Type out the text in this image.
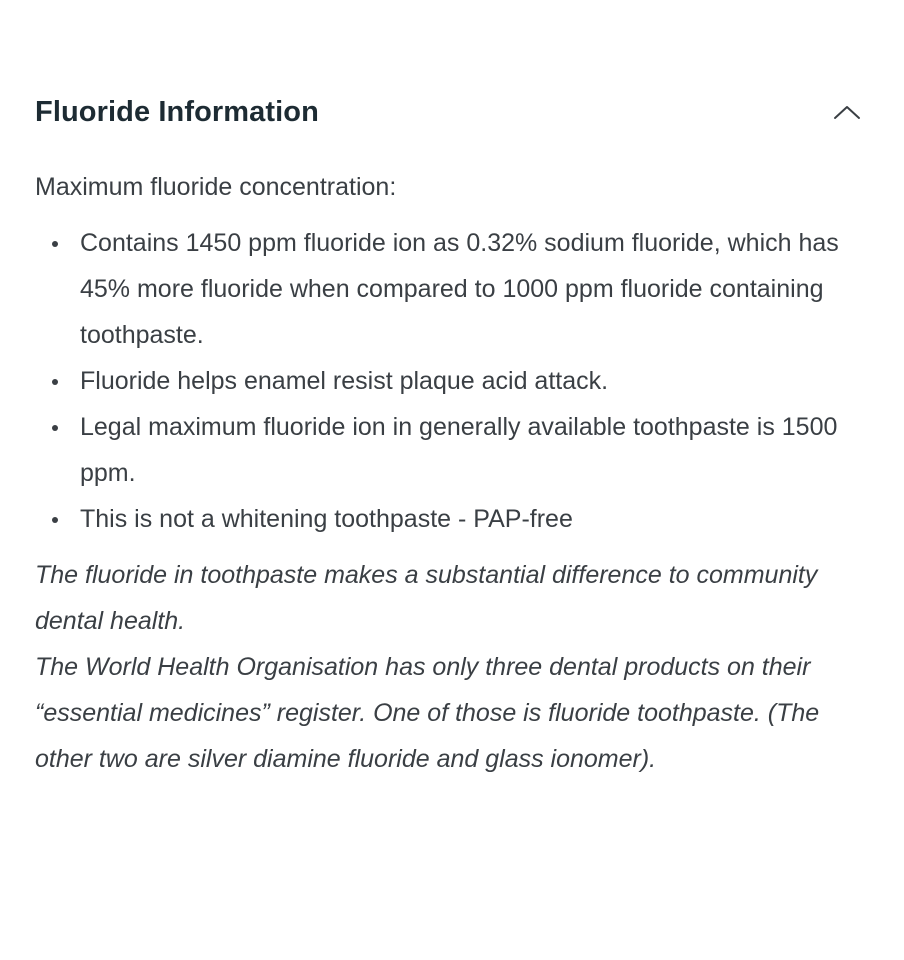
Fluoride Information

Maximum fluoride concentration:

Contains 1450 ppm fluoride ion as 0.32% sodium fluoride, which has 45% more fluoride when compared to 1000 ppm fluoride containing toothpaste.
Fluoride helps enamel resist plaque acid attack.
Legal maximum fluoride ion in generally available toothpaste is 1500 ppm.
This is not a whitening toothpaste - PAP-free

The fluoride in toothpaste makes a substantial difference to community dental health.

The World Health Organisation has only three dental products on their “essential medicines” register. One of those is fluoride toothpaste. (The other two are silver diamine fluoride and glass ionomer).
